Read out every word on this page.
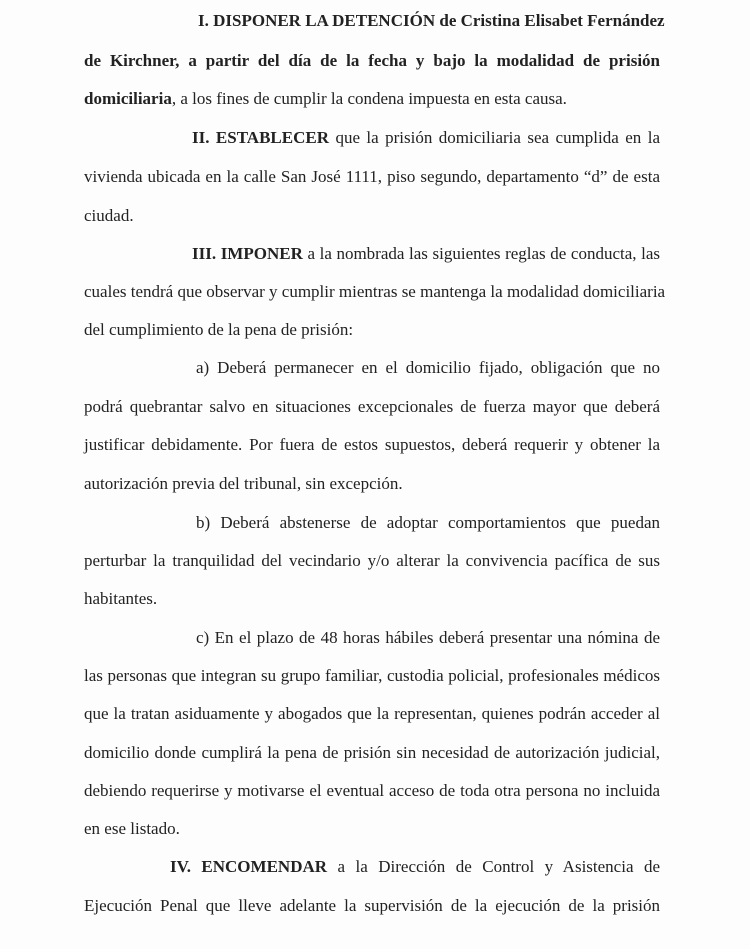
I. DISPONER LA DETENCIÓN de Cristina Elisabet Fernández
de Kirchner, a partir del día de la fecha y bajo la modalidad de prisión
domiciliaria, a los fines de cumplir la condena impuesta en esta causa.
II. ESTABLECER que la prisión domiciliaria sea cumplida en la
vivienda ubicada en la calle San José 1111, piso segundo, departamento “d” de esta
ciudad.
III. IMPONER a la nombrada las siguientes reglas de conducta, las
cuales tendrá que observar y cumplir mientras se mantenga la modalidad domiciliaria
del cumplimiento de la pena de prisión:
a) Deberá permanecer en el domicilio fijado, obligación que no
podrá quebrantar salvo en situaciones excepcionales de fuerza mayor que deberá
justificar debidamente. Por fuera de estos supuestos, deberá requerir y obtener la
autorización previa del tribunal, sin excepción.
b) Deberá abstenerse de adoptar comportamientos que puedan
perturbar la tranquilidad del vecindario y/o alterar la convivencia pacífica de sus
habitantes.
c) En el plazo de 48 horas hábiles deberá presentar una nómina de
las personas que integran su grupo familiar, custodia policial, profesionales médicos
que la tratan asiduamente y abogados que la representan, quienes podrán acceder al
domicilio donde cumplirá la pena de prisión sin necesidad de autorización judicial,
debiendo requerirse y motivarse el eventual acceso de toda otra persona no incluida
en ese listado.
IV. ENCOMENDAR a la Dirección de Control y Asistencia de
Ejecución Penal que lleve adelante la supervisión de la ejecución de la prisión
